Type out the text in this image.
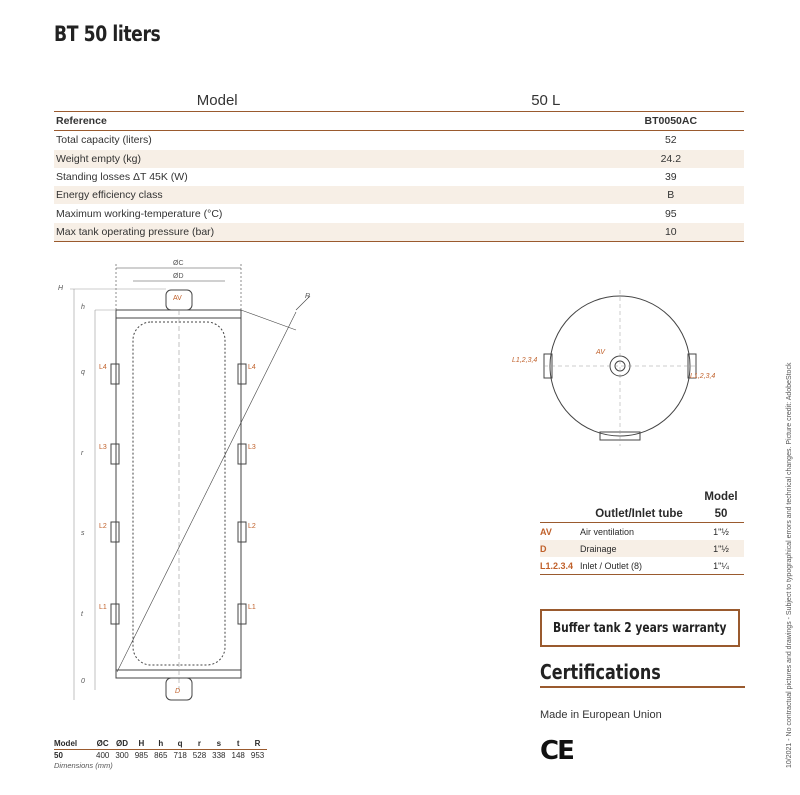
BT 50 liters
Model	50 L
Reference	BT0050AC
Total capacity (liters)	52
Weight empty (kg)	24.2
Standing losses ΔT 45K (W)	39
Energy efficiency class	B
Maximum working-temperature (°C)	95
Max tank operating pressure (bar)	10
ØC
ØD
H
h
q
r
s
t
0
R
AV
D
L4	L4
L3	L3
L2	L2
L1	L1
L1,2,3,4
L1,2,3,4
AV
Model	ØC	ØD	H	h	q	r	s	t	R
50	400	300	985	865	718	528	338	148	953
Dimensions (mm)
		Model
	Outlet/Inlet tube	50
AV	Air ventilation	1"½
D	Drainage	1"½
L1.2.3.4	Inlet / Outlet (8)	1"¼
Buffer tank 2 years warranty
Certifications
Made in European Union
CE	10/2021 - No contractual pictures and drawings - Subject to typographical errors and technical changes. Picture credit: AdobeStock
